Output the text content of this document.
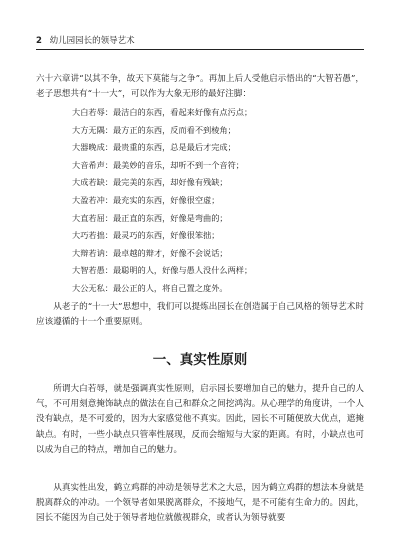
2 幼儿园园长的领导艺术
六十六章讲“以其不争，故天下莫能与之争”。再加上后人受他启示悟出的“大智若愚”，老子思想共有“十一大”，可以作为大象无形的最好注脚：
大白若辱：最洁白的东西，看起来好像有点污点；
大方无隅：最方正的东西，反而看不到棱角；
大器晚成：最贵重的东西，总是最后才完成；
大音希声：最美妙的音乐，却听不到一个音符；
大成若缺：最完美的东西，却好像有残缺；
大盈若冲：最充实的东西，好像很空虚；
大直若屈：最正直的东西，好像是弯曲的；
大巧若拙：最灵巧的东西，好像很笨拙；
大辩若讷：最卓越的辩才，好像不会说话；
大智若愚：最聪明的人，好像与愚人没什么两样；
大公无私：最公正的人，将自己置之度外。
从老子的“十一大”思想中，我们可以提炼出园长在创造属于自己风格的领导艺术时应该遵循的十一个重要原则。
一、真实性原则
所谓大白若辱，就是强调真实性原则，启示园长要增加自己的魅力，提升自己的人气，不可用刻意掩饰缺点的做法在自己和群众之间挖鸿沟。从心理学的角度讲，一个人没有缺点，是不可爱的，因为大家感觉他不真实。因此，园长不可随便放大优点，遮掩缺点。有时，一些小缺点只管率性展现，反而会缩短与大家的距离。有时，小缺点也可以成为自己的特点，增加自己的魅力。
从真实性出发，鹤立鸡群的冲动是领导艺术之大忌，因为鹤立鸡群的想法本身就是脱离群众的冲动。一个领导者如果脱离群众，不接地气，是不可能有生命力的。因此，园长不能因为自己处于领导者地位就傲视群众，或者认为领导就要
